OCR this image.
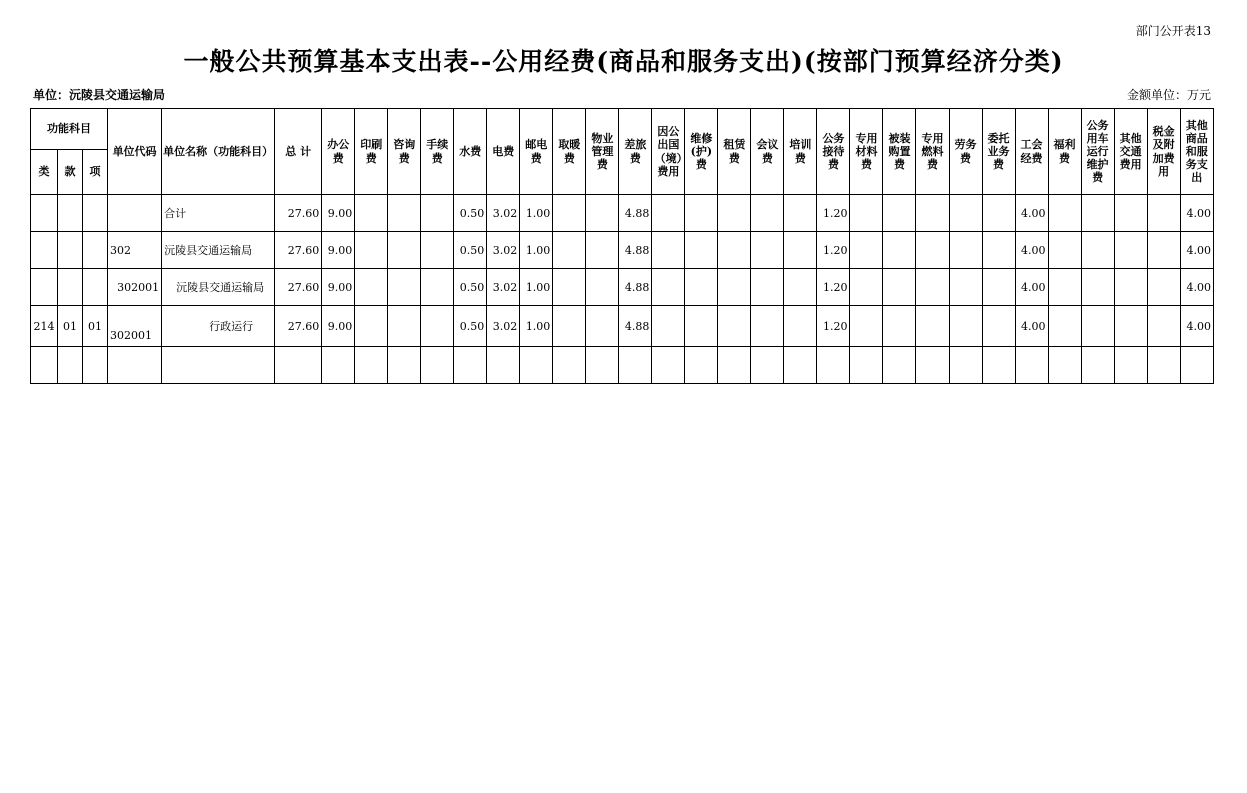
部门公开表13
一般公共预算基本支出表--公用经费(商品和服务支出)(按部门预算经济分类)
单位：沅陵县交通运输局	金额单位：万元
功能科目			单位代码	单位名称（功能科目）	总 计	办公费	印刷费	咨询费	手续费	水费	电费	邮电费	取暖费	物业管理费	差旅费	因公出国（境）费用	维修(护)费	租赁费	会议费	培训费	公务接待费	专用材料费	被装购置费	专用燃料费	劳务费	委托业务费	工会经费	福利费	公务用车运行维护费	其他交通费用	税金及附加费用	其他商品和服务支出
类	款	项																														
				合计	27.60	9.00				0.50	3.02	1.00			4.88						1.20						4.00					4.00
			302	沅陵县交通运输局	27.60	9.00				0.50	3.02	1.00			4.88						1.20						4.00					4.00
			302001	沅陵县交通运输局	27.60	9.00				0.50	3.02	1.00			4.88						1.20						4.00					4.00
214	01	01	302001	行政运行	27.60	9.00				0.50	3.02	1.00			4.88						1.20						4.00					4.00
